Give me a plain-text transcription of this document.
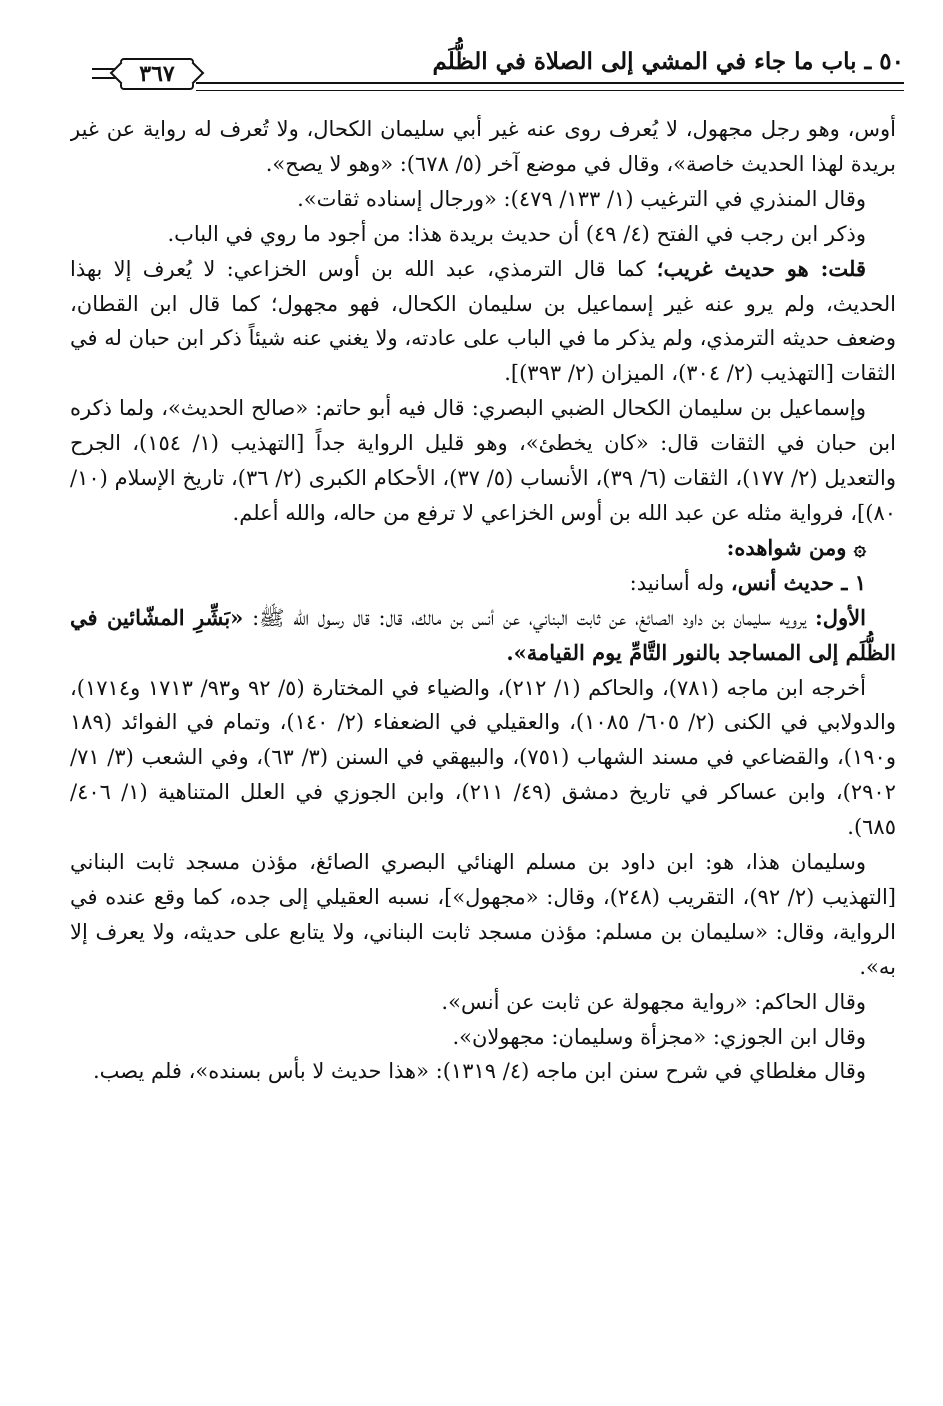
٣٦٧	٥٠ ـ باب ما جاء في المشي إلى الصلاة في الظُّلَم

أوس، وهو رجل مجهول، لا يُعرف روى عنه غير أبي سليمان الكحال، ولا تُعرف له رواية عن غير بريدة لهذا الحديث خاصة»، وقال في موضع آخر (٥/ ٦٧٨): «وهو لا يصح».

وقال المنذري في الترغيب (١/ ١٣٣/ ٤٧٩): «ورجال إسناده ثقات».

وذكر ابن رجب في الفتح (٤/ ٤٩) أن حديث بريدة هذا: من أجود ما روي في الباب.

قلت: هو حديث غريب؛ كما قال الترمذي، عبد الله بن أوس الخزاعي: لا يُعرف إلا بهذا الحديث، ولم يرو عنه غير إسماعيل بن سليمان الكحال، فهو مجهول؛ كما قال ابن القطان، وضعف حديثه الترمذي، ولم يذكر ما في الباب على عادته، ولا يغني عنه شيئاً ذكر ابن حبان له في الثقات [التهذيب (٢/ ٣٠٤)، الميزان (٢/ ٣٩٣)].

وإسماعيل بن سليمان الكحال الضبي البصري: قال فيه أبو حاتم: «صالح الحديث»، ولما ذكره ابن حبان في الثقات قال: «كان يخطئ»، وهو قليل الرواية جداً [التهذيب (١/ ١٥٤)، الجرح والتعديل (٢/ ١٧٧)، الثقات (٦/ ٣٩)، الأنساب (٥/ ٣٧)، الأحكام الكبرى (٢/ ٣٦)، تاريخ الإسلام (١٠/ ٨٠)]، فرواية مثله عن عبد الله بن أوس الخزاعي لا ترفع من حاله، والله أعلم.

۞ ومن شواهده:

١ ـ حديث أنس، وله أسانيد:

الأول: يرويه سليمان بن داود الصائغ، عن ثابت البناني، عن أنس بن مالك، قال: قال رسول الله ﷺ: «بَشِّرِ المشّائين في الظُّلَم إلى المساجد بالنور التَّامِّ يوم القيامة».

أخرجه ابن ماجه (٧٨١)، والحاكم (١/ ٢١٢)، والضياء في المختارة (٥/ ٩٢ و٩٣/ ١٧١٣ و١٧١٤)، والدولابي في الكنى (٢/ ٦٠٥/ ١٠٨٥)، والعقيلي في الضعفاء (٢/ ١٤٠)، وتمام في الفوائد (١٨٩ و١٩٠)، والقضاعي في مسند الشهاب (٧٥١)، والبيهقي في السنن (٣/ ٦٣)، وفي الشعب (٣/ ٧١/ ٢٩٠٢)، وابن عساكر في تاريخ دمشق (٤٩/ ٢١١)، وابن الجوزي في العلل المتناهية (١/ ٤٠٦/ ٦٨٥).

وسليمان هذا، هو: ابن داود بن مسلم الهنائي البصري الصائغ، مؤذن مسجد ثابت البناني [التهذيب (٢/ ٩٢)، التقريب (٢٤٨)، وقال: «مجهول»]، نسبه العقيلي إلى جده، كما وقع عنده في الرواية، وقال: «سليمان بن مسلم: مؤذن مسجد ثابت البناني، ولا يتابع على حديثه، ولا يعرف إلا به».

وقال الحاكم: «رواية مجهولة عن ثابت عن أنس».

وقال ابن الجوزي: «مجزأة وسليمان: مجهولان».

وقال مغلطاي في شرح سنن ابن ماجه (٤/ ١٣١٩): «هذا حديث لا بأس بسنده»، فلم يصب.
